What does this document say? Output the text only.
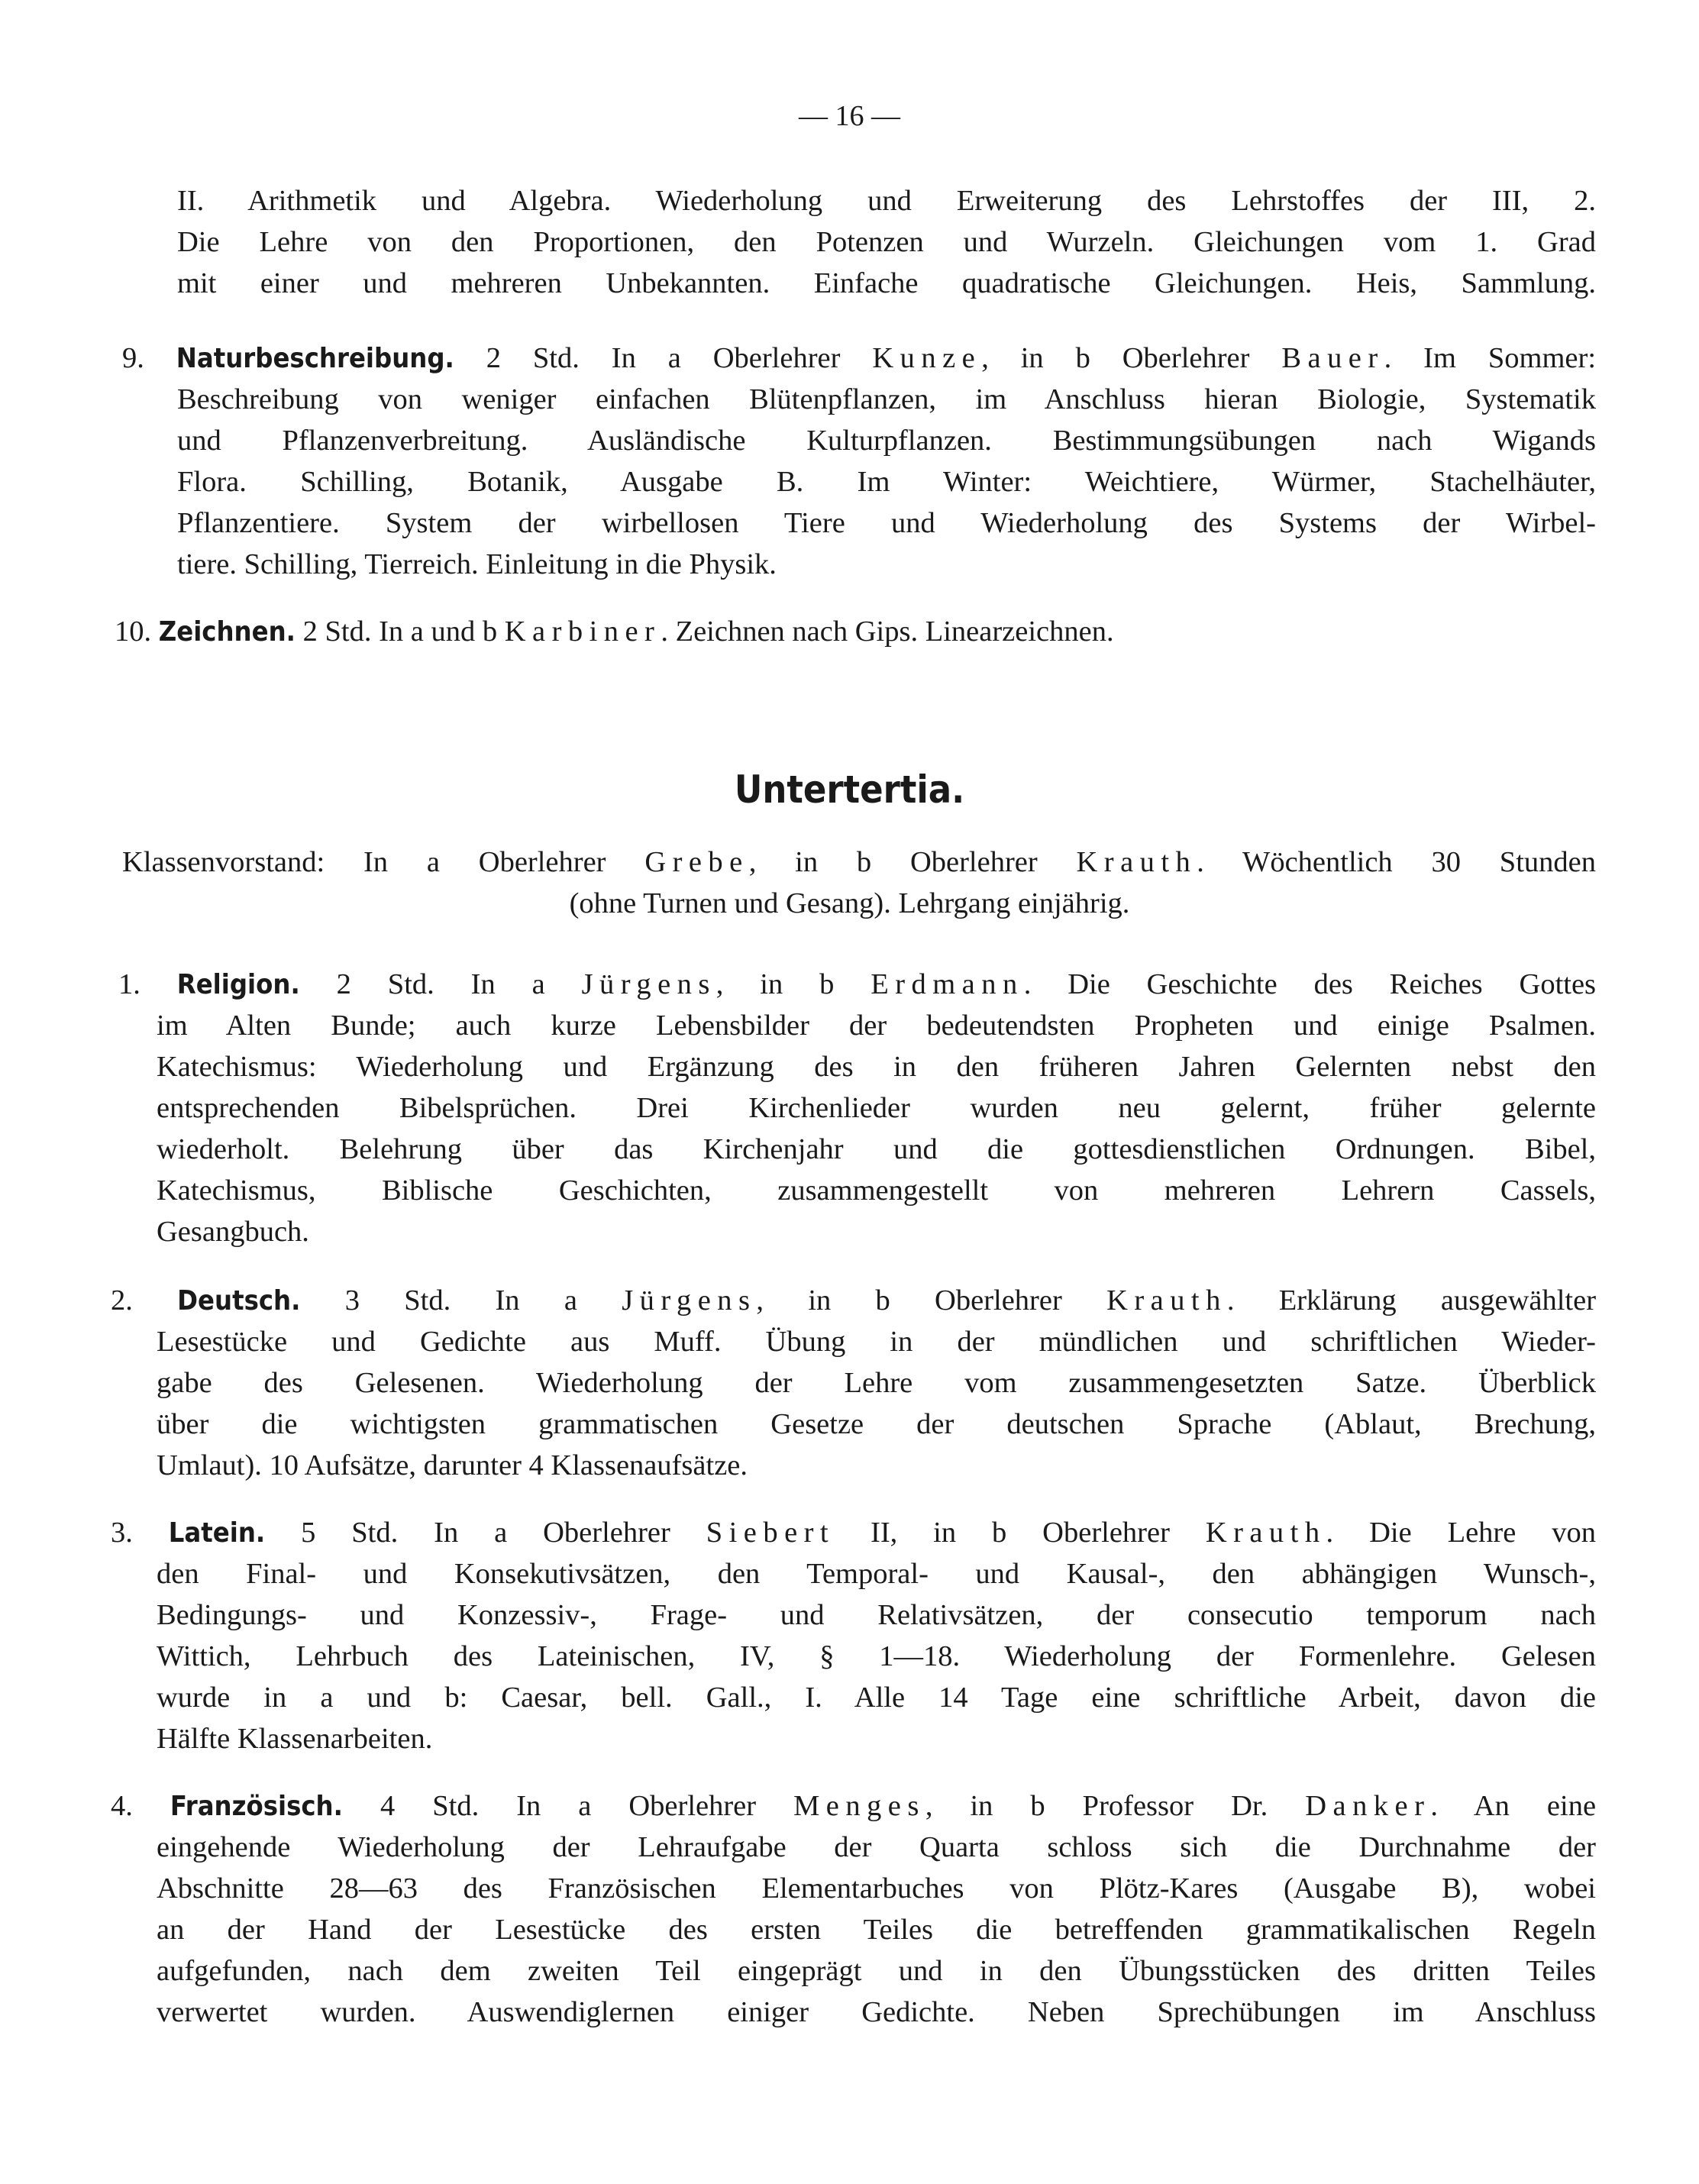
— 16 —
II. Arithmetik und Algebra. Wiederholung und Erweiterung des Lehrstoffes der III, 2.
Die Lehre von den Proportionen, den Potenzen und Wurzeln. Gleichungen vom 1. Grad
mit einer und mehreren Unbekannten. Einfache quadratische Gleichungen. Heis, Sammlung.
9. Naturbeschreibung. 2 Std. In a Oberlehrer Kunze, in b Oberlehrer Bauer. Im Sommer:
Beschreibung von weniger einfachen Blütenpflanzen, im Anschluss hieran Biologie, Systematik
und Pflanzenverbreitung. Ausländische Kulturpflanzen. Bestimmungsübungen nach Wigands
Flora. Schilling, Botanik, Ausgabe B. Im Winter: Weichtiere, Würmer, Stachelhäuter,
Pflanzentiere. System der wirbellosen Tiere und Wiederholung des Systems der Wirbel-
tiere. Schilling, Tierreich. Einleitung in die Physik.
10. Zeichnen. 2 Std. In a und b Karbiner. Zeichnen nach Gips. Linearzeichnen.
Untertertia.
Klassenvorstand: In a Oberlehrer Grebe, in b Oberlehrer Krauth. Wöchentlich 30 Stunden
(ohne Turnen und Gesang). Lehrgang einjährig.
1. Religion. 2 Std. In a Jürgens, in b Erdmann. Die Geschichte des Reiches Gottes
im Alten Bunde; auch kurze Lebensbilder der bedeutendsten Propheten und einige Psalmen.
Katechismus: Wiederholung und Ergänzung des in den früheren Jahren Gelernten nebst den
entsprechenden Bibelsprüchen. Drei Kirchenlieder wurden neu gelernt, früher gelernte
wiederholt. Belehrung über das Kirchenjahr und die gottesdienstlichen Ordnungen. Bibel,
Katechismus, Biblische Geschichten, zusammengestellt von mehreren Lehrern Cassels,
Gesangbuch.
2. Deutsch. 3 Std. In a Jürgens, in b Oberlehrer Krauth. Erklärung ausgewählter
Lesestücke und Gedichte aus Muff. Übung in der mündlichen und schriftlichen Wieder-
gabe des Gelesenen. Wiederholung der Lehre vom zusammengesetzten Satze. Überblick
über die wichtigsten grammatischen Gesetze der deutschen Sprache (Ablaut, Brechung,
Umlaut). 10 Aufsätze, darunter 4 Klassenaufsätze.
3. Latein. 5 Std. In a Oberlehrer Siebert II, in b Oberlehrer Krauth. Die Lehre von
den Final- und Konsekutivsätzen, den Temporal- und Kausal-, den abhängigen Wunsch-,
Bedingungs- und Konzessiv-, Frage- und Relativsätzen, der consecutio temporum nach
Wittich, Lehrbuch des Lateinischen, IV, § 1—18. Wiederholung der Formenlehre. Gelesen
wurde in a und b: Caesar, bell. Gall., I. Alle 14 Tage eine schriftliche Arbeit, davon die
Hälfte Klassenarbeiten.
4. Französisch. 4 Std. In a Oberlehrer Menges, in b Professor Dr. Danker. An eine
eingehende Wiederholung der Lehraufgabe der Quarta schloss sich die Durchnahme der
Abschnitte 28—63 des Französischen Elementarbuches von Plötz-Kares (Ausgabe B), wobei
an der Hand der Lesestücke des ersten Teiles die betreffenden grammatikalischen Regeln
aufgefunden, nach dem zweiten Teil eingeprägt und in den Übungsstücken des dritten Teiles
verwertet wurden. Auswendiglernen einiger Gedichte. Neben Sprechübungen im Anschluss
